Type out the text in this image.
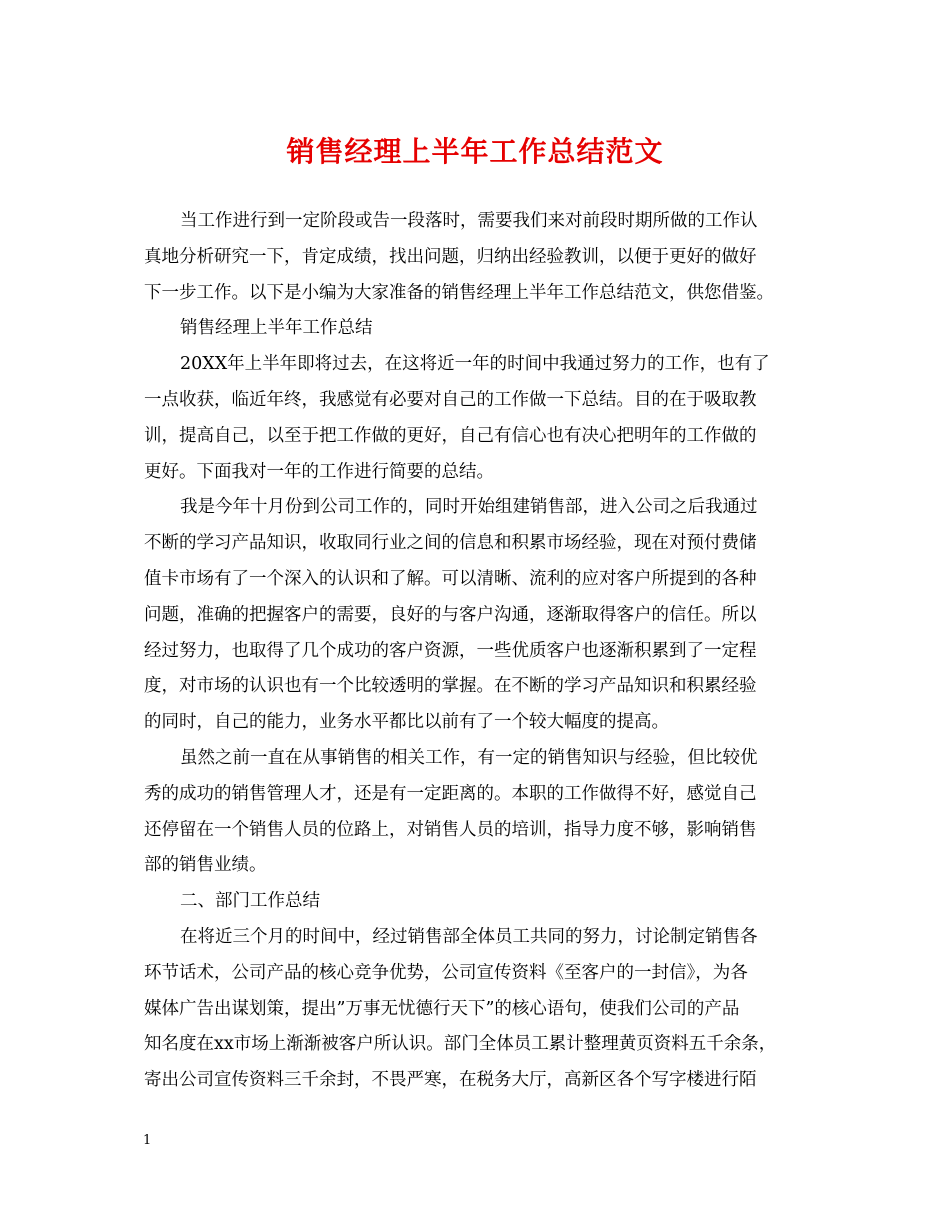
销售经理上半年工作总结范文
当工作进行到一定阶段或告一段落时，需要我们来对前段时期所做的工作认
真地分析研究一下，肯定成绩，找出问题，归纳出经验教训，以便于更好的做好
下一步工作。以下是小编为大家准备的销售经理上半年工作总结范文，供您借鉴。
销售经理上半年工作总结
20XX年上半年即将过去，在这将近一年的时间中我通过努力的工作，也有了
一点收获，临近年终，我感觉有必要对自己的工作做一下总结。目的在于吸取教
训，提高自己，以至于把工作做的更好，自己有信心也有决心把明年的工作做的
更好。下面我对一年的工作进行简要的总结。
我是今年十月份到公司工作的，同时开始组建销售部，进入公司之后我通过
不断的学习产品知识，收取同行业之间的信息和积累市场经验，现在对预付费储
值卡市场有了一个深入的认识和了解。可以清晰、流利的应对客户所提到的各种
问题，准确的把握客户的需要，良好的与客户沟通，逐渐取得客户的信任。所以
经过努力，也取得了几个成功的客户资源，一些优质客户也逐渐积累到了一定程
度，对市场的认识也有一个比较透明的掌握。在不断的学习产品知识和积累经验
的同时，自己的能力，业务水平都比以前有了一个较大幅度的提高。
虽然之前一直在从事销售的相关工作，有一定的销售知识与经验，但比较优
秀的成功的销售管理人才，还是有一定距离的。本职的工作做得不好，感觉自己
还停留在一个销售人员的位路上，对销售人员的培训，指导力度不够，影响销售
部的销售业绩。
二、部门工作总结
在将近三个月的时间中，经过销售部全体员工共同的努力，讨论制定销售各
环节话术，公司产品的核心竞争优势，公司宣传资料《至客户的一封信》，为各
媒体广告出谋划策，提出”万事无忧德行天下”的核心语句，使我们公司的产品
知名度在xx市场上渐渐被客户所认识。部门全体员工累计整理黄页资料五千余条，
寄出公司宣传资料三千余封，不畏严寒，在税务大厅，高新区各个写字楼进行陌
1
